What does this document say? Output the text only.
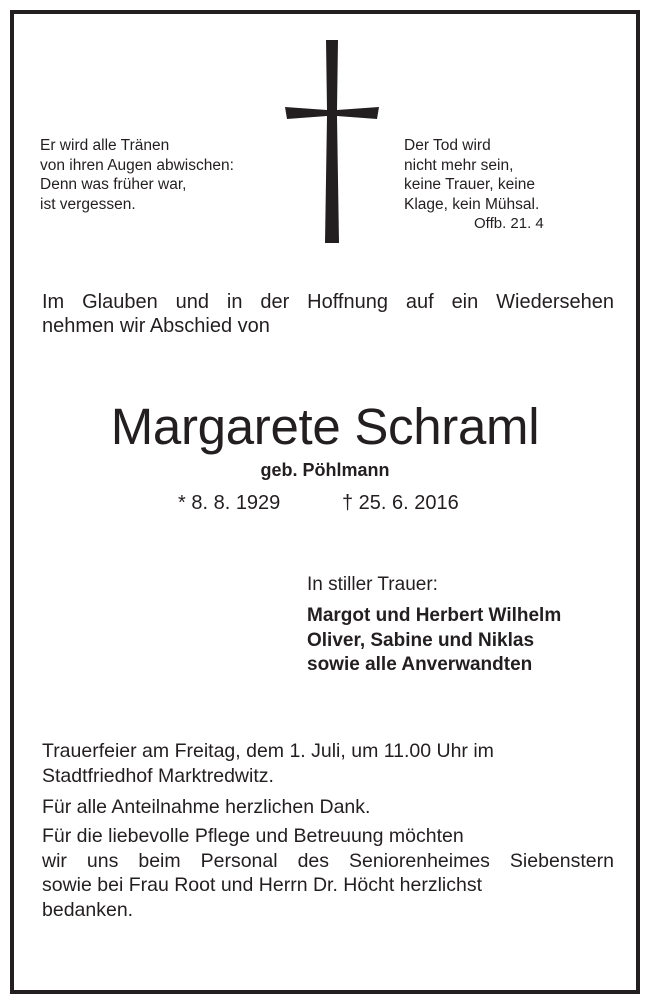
Er wird alle Tränen
von ihren Augen abwischen:
Denn was früher war,
ist vergessen.
Der Tod wird
nicht mehr sein,
keine Trauer, keine
Klage, kein Mühsal.
Offb. 21. 4
Im Glauben und in der Hoffnung auf ein Wiedersehen
nehmen wir Abschied von
Margarete Schraml
geb. Pöhlmann
* 8. 8. 1929	† 25. 6. 2016
In stiller Trauer:
Margot und Herbert Wilhelm
Oliver, Sabine und Niklas
sowie alle Anverwandten
Trauerfeier am Freitag, dem 1. Juli, um 11.00 Uhr im
Stadtfriedhof Marktredwitz.
Für alle Anteilnahme herzlichen Dank.
Für die liebevolle Pflege und Betreuung möchten
wir uns beim Personal des Seniorenheimes Siebenstern
sowie bei Frau Root und Herrn Dr. Höcht herzlichst
bedanken.
